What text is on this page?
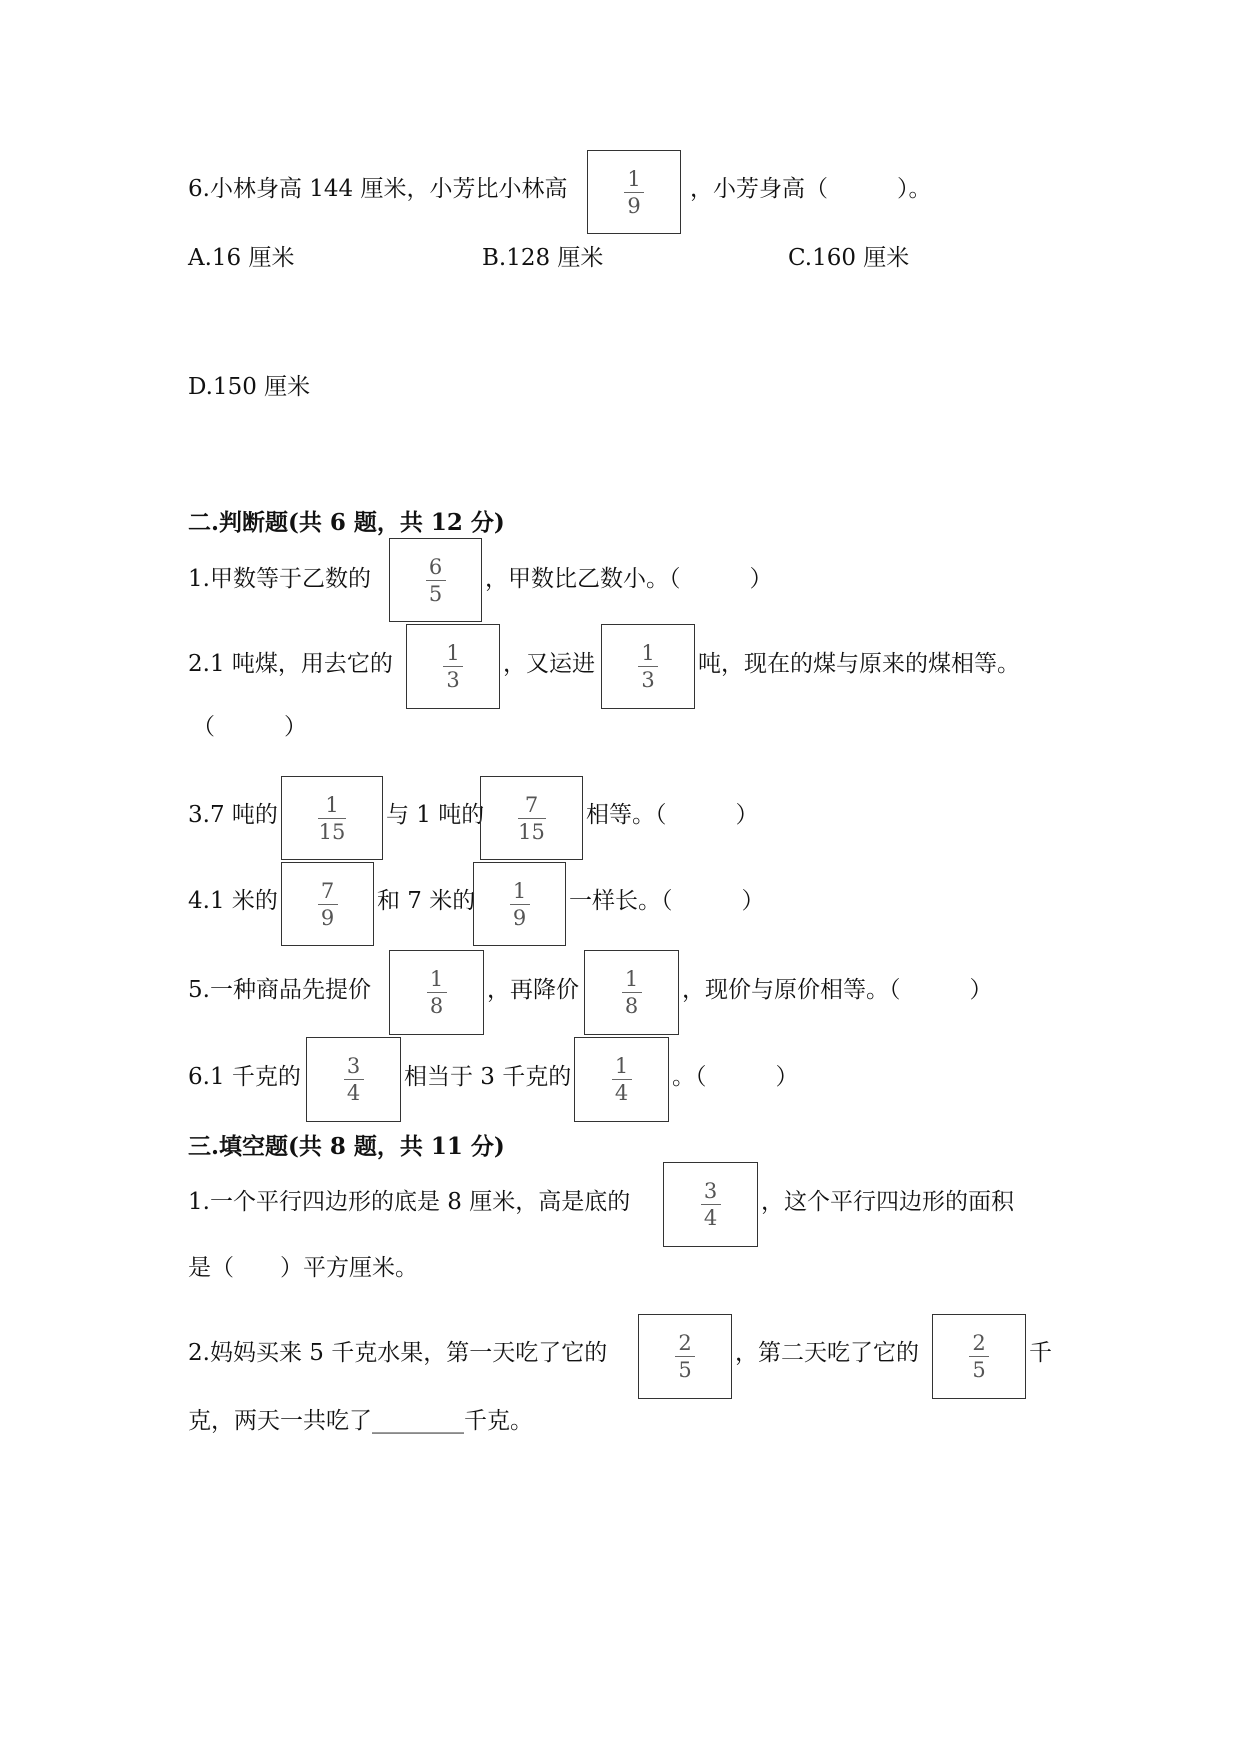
6.小林身高 144 厘米，小芳比小林高	1
9
，小芳身高（　　　）。
A.16 厘米	B.128 厘米	C.160 厘米
D.150 厘米
二.判断题(共 6 题，共 12 分)
1.甲数等于乙数的	6
5
，甲数比乙数小。（　　　）
2.1 吨煤，用去它的	1
3
，又运进 1
3
吨，现在的煤与原来的煤相等。
（　　　）
3.7 吨的 1
15
与 1 吨的 7
15
相等。（　　　）
4.1 米的 7
9
和 7 米的 1
9
一样长。（　　　）
5.一种商品先提价	1
8
，再降价 1
8
，现价与原价相等。（　　　）
6.1 千克的 3
4
相当于 3 千克的 1
4
。（　　　）
三.填空题(共 8 题，共 11 分)
1.一个平行四边形的底是 8 厘米，高是底的	3
4
，这个平行四边形的面积
是（　　）平方厘米。
2.妈妈买来 5 千克水果，第一天吃了它的	2
5
，第二天吃了它的	2
5
千
克，两天一共吃了________千克。
